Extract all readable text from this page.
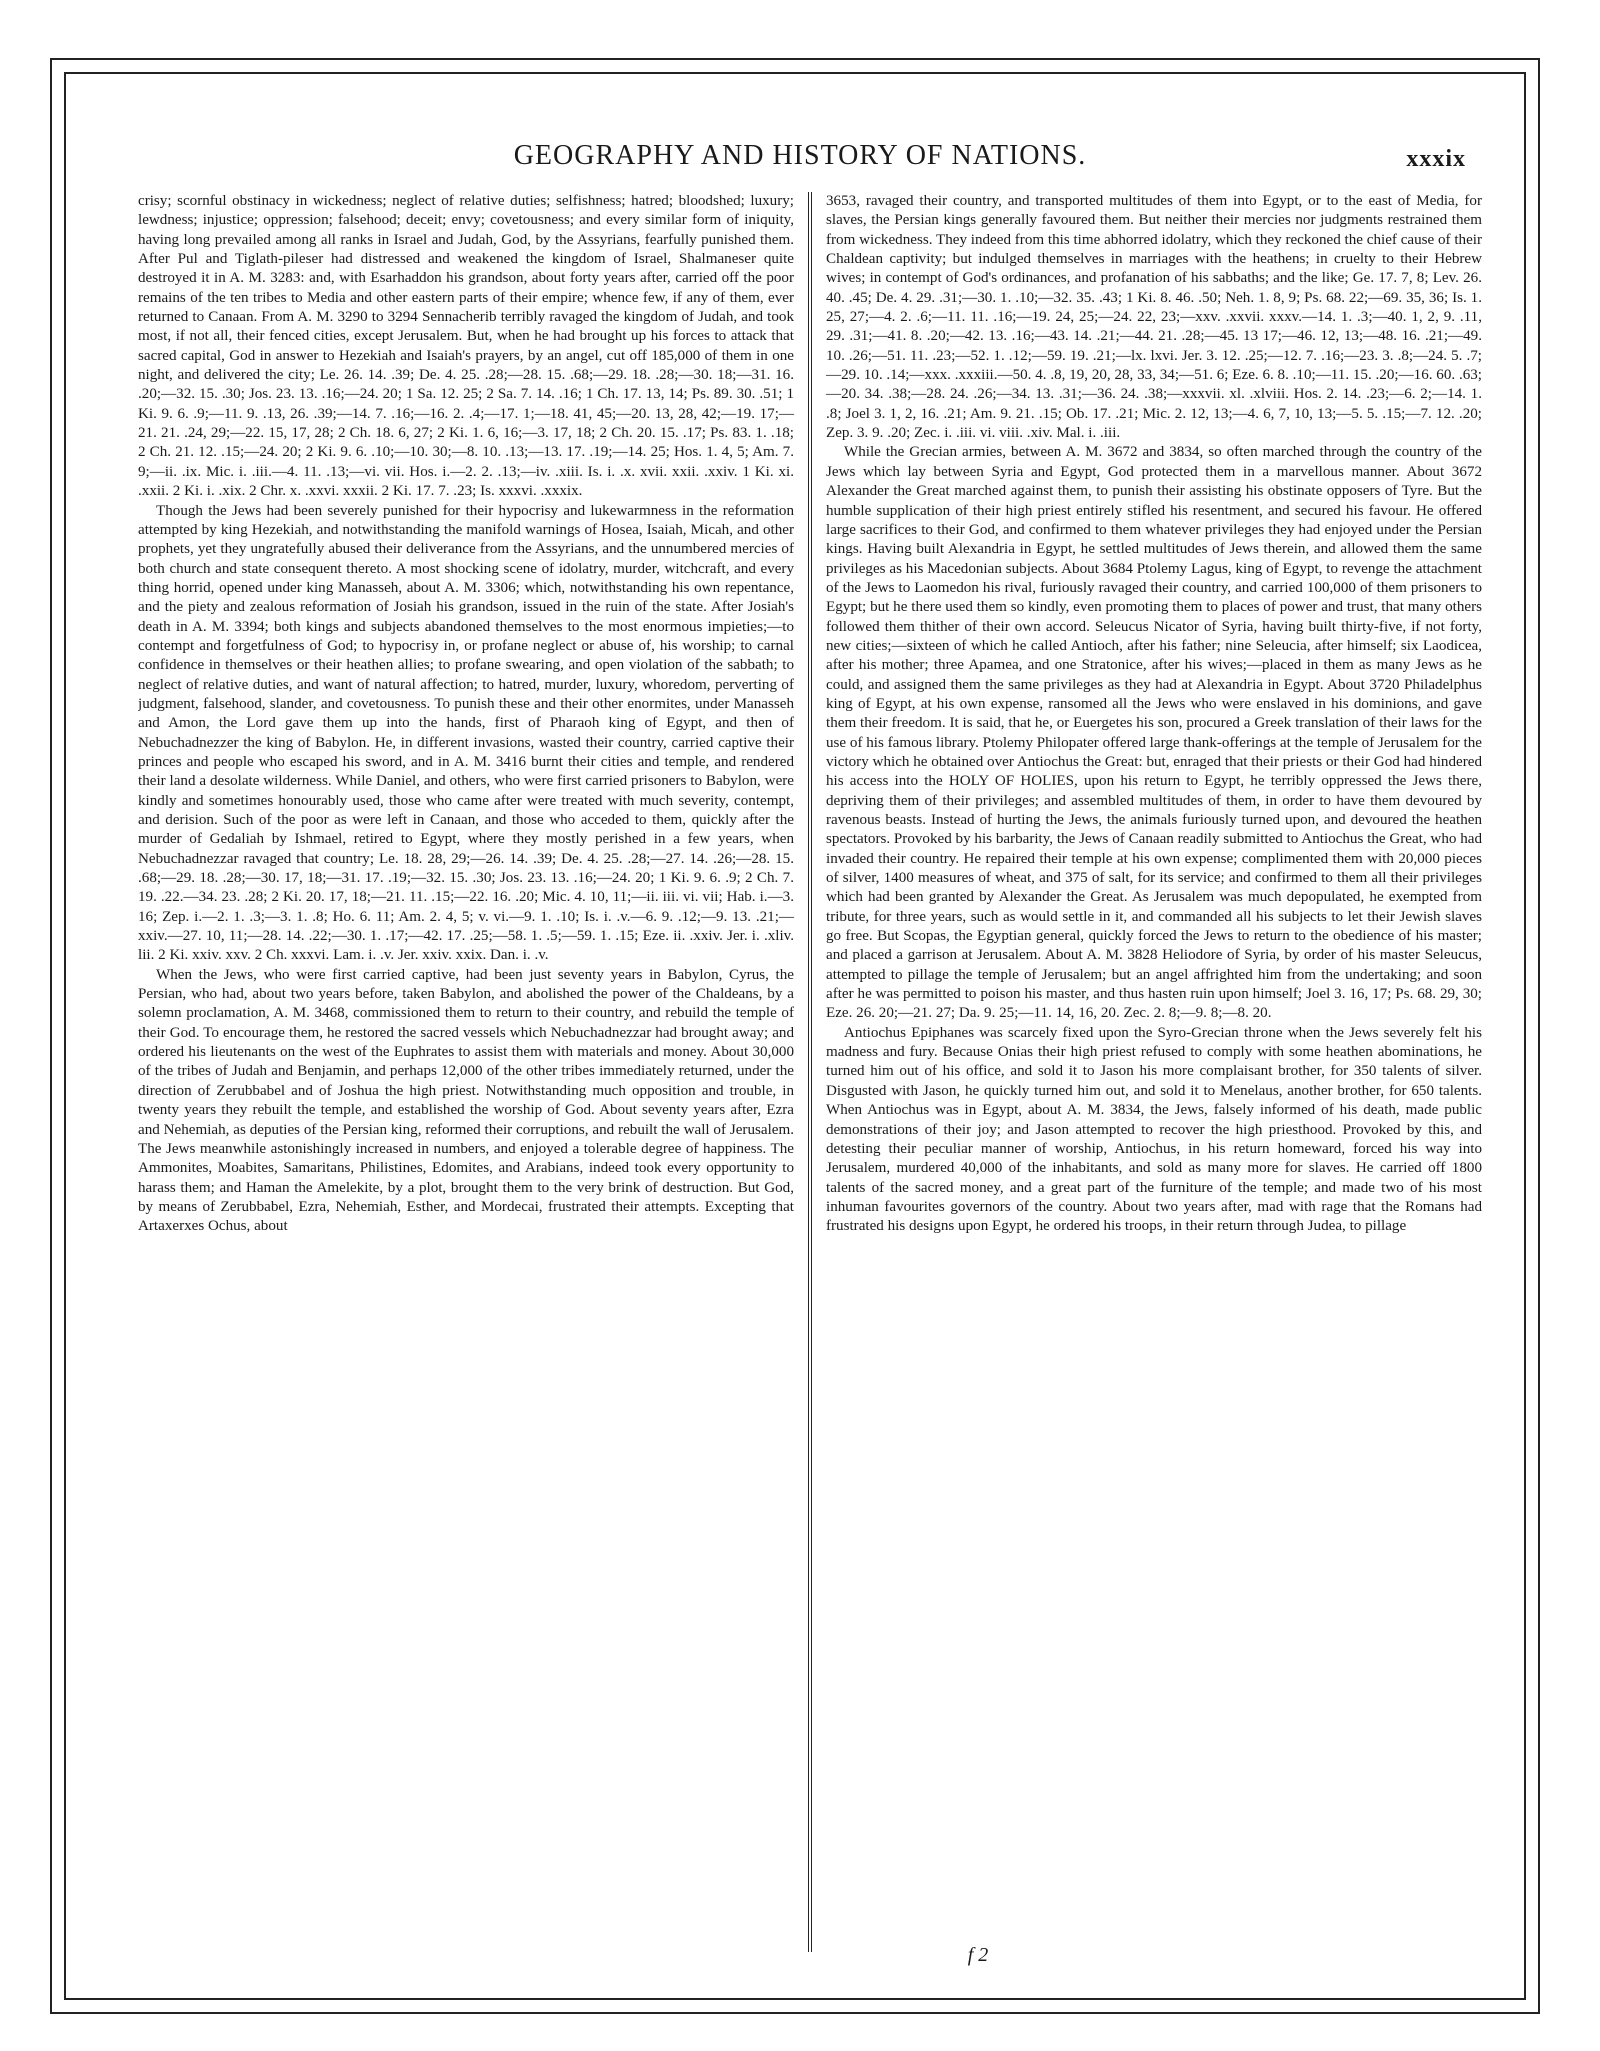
GEOGRAPHY AND HISTORY OF NATIONS.	xxxix

crisy; scornful obstinacy in wickedness; neglect of relative duties; selfishness; hatred; bloodshed; luxury; lewdness; injustice; oppression; falsehood; deceit; envy; covetousness; and every similar form of iniquity, having long prevailed among all ranks in Israel and Judah, God, by the Assyrians, fearfully punished them. After Pul and Tiglath-pileser had distressed and weakened the kingdom of Israel, Shalmaneser quite destroyed it in A. M. 3283: and, with Esarhaddon his grandson, about forty years after, carried off the poor remains of the ten tribes to Media and other eastern parts of their empire; whence few, if any of them, ever returned to Canaan. From A. M. 3290 to 3294 Sennacherib terribly ravaged the kingdom of Judah, and took most, if not all, their fenced cities, except Jerusalem. But, when he had brought up his forces to attack that sacred capital, God in answer to Hezekiah and Isaiah's prayers, by an angel, cut off 185,000 of them in one night, and delivered the city; Le. 26. 14. .39; De. 4. 25. .28;—28. 15. .68;—29. 18. .28;—30. 18;—31. 16. .20;—32. 15. .30; Jos. 23. 13. .16;—24. 20; 1 Sa. 12. 25; 2 Sa. 7. 14. .16; 1 Ch. 17. 13, 14; Ps. 89. 30. .51; 1 Ki. 9. 6. .9;—11. 9. .13, 26. .39;—14. 7. .16;—16. 2. .4;—17. 1;—18. 41, 45;—20. 13, 28, 42;—19. 17;—21. 21. .24, 29;—22. 15, 17, 28; 2 Ch. 18. 6, 27; 2 Ki. 1. 6, 16;—3. 17, 18; 2 Ch. 20. 15. .17; Ps. 83. 1. .18; 2 Ch. 21. 12. .15;—24. 20; 2 Ki. 9. 6. .10;—10. 30;—8. 10. .13;—13. 17. .19;—14. 25; Hos. 1. 4, 5; Am. 7. 9;—ii. .ix. Mic. i. .iii.—4. 11. .13;—vi. vii. Hos. i.—2. 2. .13;—iv. .xiii. Is. i. .x. xvii. xxii. .xxiv. 1 Ki. xi. .xxii. 2 Ki. i. .xix. 2 Chr. x. .xxvi. xxxii. 2 Ki. 17. 7. .23; Is. xxxvi. .xxxix.

Though the Jews had been severely punished for their hypocrisy and lukewarmness in the reformation attempted by king Hezekiah, and notwithstanding the manifold warnings of Hosea, Isaiah, Micah, and other prophets, yet they ungratefully abused their deliverance from the Assyrians, and the unnumbered mercies of both church and state consequent thereto. A most shocking scene of idolatry, murder, witchcraft, and every thing horrid, opened under king Manasseh, about A. M. 3306; which, notwithstanding his own repentance, and the piety and zealous reformation of Josiah his grandson, issued in the ruin of the state. After Josiah's death in A. M. 3394; both kings and subjects abandoned themselves to the most enormous impieties;—to contempt and forgetfulness of God; to hypocrisy in, or profane neglect or abuse of, his worship; to carnal confidence in themselves or their heathen allies; to profane swearing, and open violation of the sabbath; to neglect of relative duties, and want of natural affection; to hatred, murder, luxury, whoredom, perverting of judgment, falsehood, slander, and covetousness. To punish these and their other enormites, under Manasseh and Amon, the Lord gave them up into the hands, first of Pharaoh king of Egypt, and then of Nebuchadnezzer the king of Babylon. He, in different invasions, wasted their country, carried captive their princes and people who escaped his sword, and in A. M. 3416 burnt their cities and temple, and rendered their land a desolate wilderness. While Daniel, and others, who were first carried prisoners to Babylon, were kindly and sometimes honourably used, those who came after were treated with much severity, contempt, and derision. Such of the poor as were left in Canaan, and those who acceded to them, quickly after the murder of Gedaliah by Ishmael, retired to Egypt, where they mostly perished in a few years, when Nebuchadnezzar ravaged that country; Le. 18. 28, 29;—26. 14. .39; De. 4. 25. .28;—27. 14. .26;—28. 15. .68;—29. 18. .28;—30. 17, 18;—31. 17. .19;—32. 15. .30; Jos. 23. 13. .16;—24. 20; 1 Ki. 9. 6. .9; 2 Ch. 7. 19. .22.—34. 23. .28; 2 Ki. 20. 17, 18;—21. 11. .15;—22. 16. .20; Mic. 4. 10, 11;—ii. iii. vi. vii; Hab. i.—3. 16; Zep. i.—2. 1. .3;—3. 1. .8; Ho. 6. 11; Am. 2. 4, 5; v. vi.—9. 1. .10; Is. i. .v.—6. 9. .12;—9. 13. .21;—xxiv.—27. 10, 11;—28. 14. .22;—30. 1. .17;—42. 17. .25;—58. 1. .5;—59. 1. .15; Eze. ii. .xxiv. Jer. i. .xliv. lii. 2 Ki. xxiv. xxv. 2 Ch. xxxvi. Lam. i. .v. Jer. xxiv. xxix. Dan. i. .v.

When the Jews, who were first carried captive, had been just seventy years in Babylon, Cyrus, the Persian, who had, about two years before, taken Babylon, and abolished the power of the Chaldeans, by a solemn proclamation, A. M. 3468, commissioned them to return to their country, and rebuild the temple of their God. To encourage them, he restored the sacred vessels which Nebuchadnezzar had brought away; and ordered his lieutenants on the west of the Euphrates to assist them with materials and money. About 30,000 of the tribes of Judah and Benjamin, and perhaps 12,000 of the other tribes immediately returned, under the direction of Zerubbabel and of Joshua the high priest. Notwithstanding much opposition and trouble, in twenty years they rebuilt the temple, and established the worship of God. About seventy years after, Ezra and Nehemiah, as deputies of the Persian king, reformed their corruptions, and rebuilt the wall of Jerusalem. The Jews meanwhile astonishingly increased in numbers, and enjoyed a tolerable degree of happiness. The Ammonites, Moabites, Samaritans, Philistines, Edomites, and Arabians, indeed took every opportunity to harass them; and Haman the Amelekite, by a plot, brought them to the very brink of destruction. But God, by means of Zerubbabel, Ezra, Nehemiah, Esther, and Mordecai, frustrated their attempts. Excepting that Artaxerxes Ochus, about

3653, ravaged their country, and transported multitudes of them into Egypt, or to the east of Media, for slaves, the Persian kings generally favoured them. But neither their mercies nor judgments restrained them from wickedness. They indeed from this time abhorred idolatry, which they reckoned the chief cause of their Chaldean captivity; but indulged themselves in marriages with the heathens; in cruelty to their Hebrew wives; in contempt of God's ordinances, and profanation of his sabbaths; and the like; Ge. 17. 7, 8; Lev. 26. 40. .45; De. 4. 29. .31;—30. 1. .10;—32. 35. .43; 1 Ki. 8. 46. .50; Neh. 1. 8, 9; Ps. 68. 22;—69. 35, 36; Is. 1. 25, 27;—4. 2. .6;—11. 11. .16;—19. 24, 25;—24. 22, 23;—xxv. .xxvii. xxxv.—14. 1. .3;—40. 1, 2, 9. .11, 29. .31;—41. 8. .20;—42. 13. .16;—43. 14. .21;—44. 21. .28;—45. 13 17;—46. 12, 13;—48. 16. .21;—49. 10. .26;—51. 11. .23;—52. 1. .12;—59. 19. .21;—lx. lxvi. Jer. 3. 12. .25;—12. 7. .16;—23. 3. .8;—24. 5. .7;—29. 10. .14;—xxx. .xxxiii.—50. 4. .8, 19, 20, 28, 33, 34;—51. 6; Eze. 6. 8. .10;—11. 15. .20;—16. 60. .63;—20. 34. .38;—28. 24. .26;—34. 13. .31;—36. 24. .38;—xxxvii. xl. .xlviii. Hos. 2. 14. .23;—6. 2;—14. 1. .8; Joel 3. 1, 2, 16. .21; Am. 9. 21. .15; Ob. 17. .21; Mic. 2. 12, 13;—4. 6, 7, 10, 13;—5. 5. .15;—7. 12. .20; Zep. 3. 9. .20; Zec. i. .iii. vi. viii. .xiv. Mal. i. .iii.

While the Grecian armies, between A. M. 3672 and 3834, so often marched through the country of the Jews which lay between Syria and Egypt, God protected them in a marvellous manner. About 3672 Alexander the Great marched against them, to punish their assisting his obstinate opposers of Tyre. But the humble supplication of their high priest entirely stifled his resentment, and secured his favour. He offered large sacrifices to their God, and confirmed to them whatever privileges they had enjoyed under the Persian kings. Having built Alexandria in Egypt, he settled multitudes of Jews therein, and allowed them the same privileges as his Macedonian subjects. About 3684 Ptolemy Lagus, king of Egypt, to revenge the attachment of the Jews to Laomedon his rival, furiously ravaged their country, and carried 100,000 of them prisoners to Egypt; but he there used them so kindly, even promoting them to places of power and trust, that many others followed them thither of their own accord. Seleucus Nicator of Syria, having built thirty-five, if not forty, new cities;—sixteen of which he called Antioch, after his father; nine Seleucia, after himself; six Laodicea, after his mother; three Apamea, and one Stratonice, after his wives;—placed in them as many Jews as he could, and assigned them the same privileges as they had at Alexandria in Egypt. About 3720 Philadelphus king of Egypt, at his own expense, ransomed all the Jews who were enslaved in his dominions, and gave them their freedom. It is said, that he, or Euergetes his son, procured a Greek translation of their laws for the use of his famous library. Ptolemy Philopater offered large thank-offerings at the temple of Jerusalem for the victory which he obtained over Antiochus the Great: but, enraged that their priests or their God had hindered his access into the HOLY OF HOLIES, upon his return to Egypt, he terribly oppressed the Jews there, depriving them of their privileges; and assembled multitudes of them, in order to have them devoured by ravenous beasts. Instead of hurting the Jews, the animals furiously turned upon, and devoured the heathen spectators. Provoked by his barbarity, the Jews of Canaan readily submitted to Antiochus the Great, who had invaded their country. He repaired their temple at his own expense; complimented them with 20,000 pieces of silver, 1400 measures of wheat, and 375 of salt, for its service; and confirmed to them all their privileges which had been granted by Alexander the Great. As Jerusalem was much depopulated, he exempted from tribute, for three years, such as would settle in it, and commanded all his subjects to let their Jewish slaves go free. But Scopas, the Egyptian general, quickly forced the Jews to return to the obedience of his master; and placed a garrison at Jerusalem. About A. M. 3828 Heliodore of Syria, by order of his master Seleucus, attempted to pillage the temple of Jerusalem; but an angel affrighted him from the undertaking; and soon after he was permitted to poison his master, and thus hasten ruin upon himself; Joel 3. 16, 17; Ps. 68. 29, 30; Eze. 26. 20;—21. 27; Da. 9. 25;—11. 14, 16, 20. Zec. 2. 8;—9. 8;—8. 20.

Antiochus Epiphanes was scarcely fixed upon the Syro-Grecian throne when the Jews severely felt his madness and fury. Because Onias their high priest refused to comply with some heathen abominations, he turned him out of his office, and sold it to Jason his more complaisant brother, for 350 talents of silver. Disgusted with Jason, he quickly turned him out, and sold it to Menelaus, another brother, for 650 talents. When Antiochus was in Egypt, about A. M. 3834, the Jews, falsely informed of his death, made public demonstrations of their joy; and Jason attempted to recover the high priesthood. Provoked by this, and detesting their peculiar manner of worship, Antiochus, in his return homeward, forced his way into Jerusalem, murdered 40,000 of the inhabitants, and sold as many more for slaves. He carried off 1800 talents of the sacred money, and a great part of the furniture of the temple; and made two of his most inhuman favourites governors of the country. About two years after, mad with rage that the Romans had frustrated his designs upon Egypt, he ordered his troops, in their return through Judea, to pillage

f 2
